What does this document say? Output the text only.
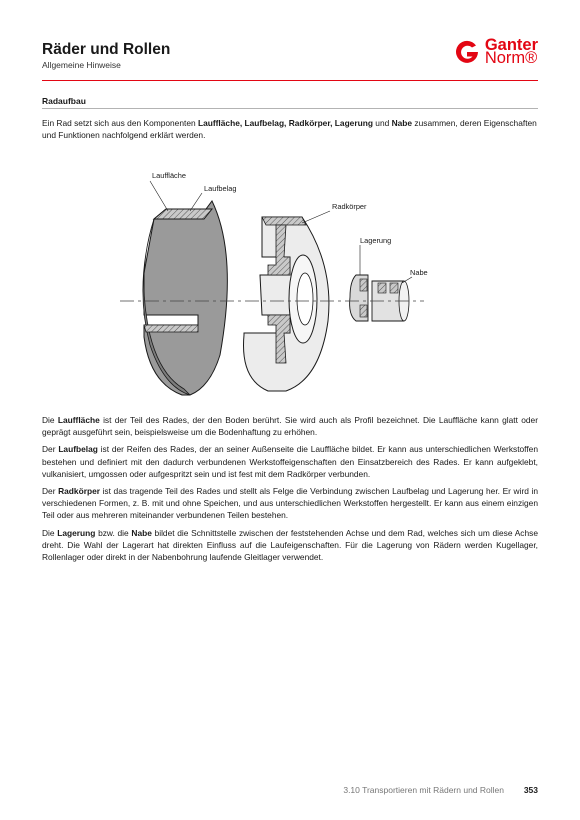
Räder und Rollen
Allgemeine Hinweise
Ganter
Norm®
Radaufbau
Ein Rad setzt sich aus den Komponenten Lauffläche, Laufbelag, Radkörper, Lagerung und Nabe zusammen, deren Eigenschaften und Funktionen nachfolgend erklärt werden.
Lauffläche
Laufbelag
Radkörper
Lagerung
Nabe

Die Lauffläche ist der Teil des Rades, der den Boden berührt. Sie wird auch als Profil bezeichnet. Die Lauffläche kann glatt oder geprägt ausgeführt sein, beispielsweise um die Bodenhaftung zu erhöhen.

Der Laufbelag ist der Reifen des Rades, der an seiner Außenseite die Lauffläche bildet. Er kann aus unterschiedlichen Werkstoffen bestehen und definiert mit den dadurch verbundenen Werkstoffeigenschaften den Einsatzbereich des Rades. Er kann aufgeklebt, vulkanisiert, umgossen oder aufgespritzt sein und ist fest mit dem Radkörper verbunden.

Der Radkörper ist das tragende Teil des Rades und stellt als Felge die Verbindung zwischen Laufbelag und Lagerung her. Er wird in verschiedenen Formen, z. B. mit und ohne Speichen, und aus unterschiedlichen Werkstoffen hergestellt. Er kann aus einem einzigen Teil oder aus mehreren miteinander verbundenen Teilen bestehen.

Die Lagerung bzw. die Nabe bildet die Schnittstelle zwischen der feststehenden Achse und dem Rad, welches sich um diese Achse dreht. Die Wahl der Lagerart hat direkten Einfluss auf die Laufeigenschaften. Für die Lagerung von Rädern werden Kugellager, Rollenlager oder direkt in der Nabenbohrung laufende Gleitlager verwendet.

3.10 Transportieren mit Rädern und Rollen 353
